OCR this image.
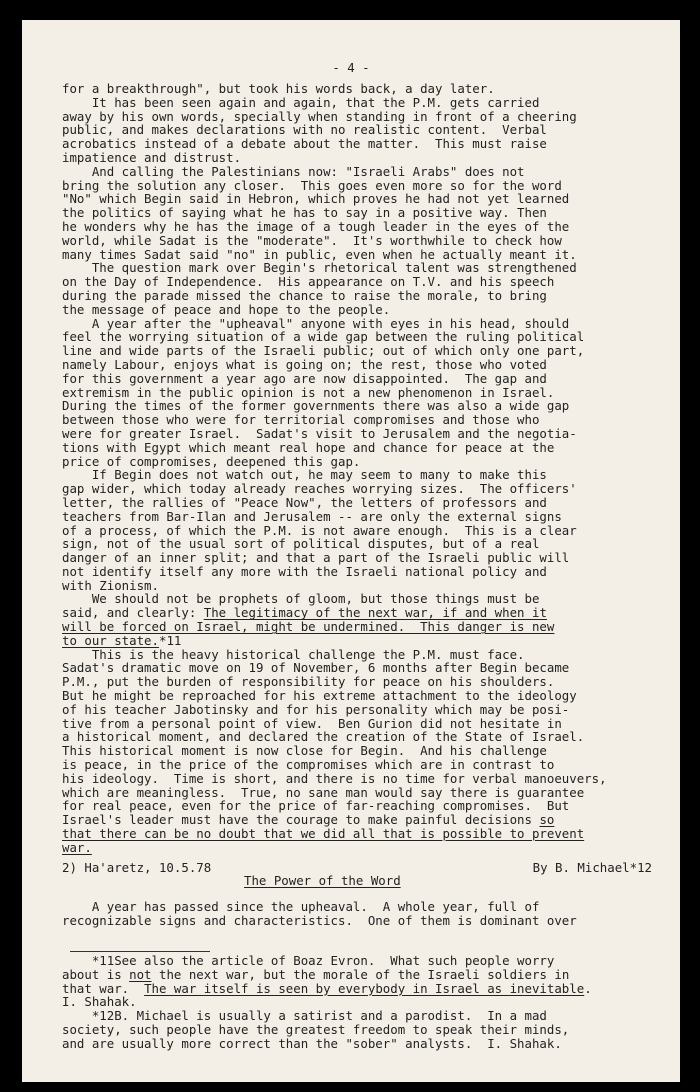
- 4 -
for a breakthrough", but took his words back, a day later.
It has been seen again and again, that the P.M. gets carried
away by his own words, specially when standing in front of a cheering
public, and makes declarations with no realistic content.  Verbal
acrobatics instead of a debate about the matter.  This must raise
impatience and distrust.
And calling the Palestinians now: "Israeli Arabs" does not
bring the solution any closer.  This goes even more so for the word
"No" which Begin said in Hebron, which proves he had not yet learned
the politics of saying what he has to say in a positive way. Then
he wonders why he has the image of a tough leader in the eyes of the
world, while Sadat is the "moderate".  It's worthwhile to check how
many times Sadat said "no" in public, even when he actually meant it.
The question mark over Begin's rhetorical talent was strengthened
on the Day of Independence.  His appearance on T.V. and his speech
during the parade missed the chance to raise the morale, to bring
the message of peace and hope to the people.
A year after the "upheaval" anyone with eyes in his head, should
feel the worrying situation of a wide gap between the ruling political
line and wide parts of the Israeli public; out of which only one part,
namely Labour, enjoys what is going on; the rest, those who voted
for this government a year ago are now disappointed.  The gap and
extremism in the public opinion is not a new phenomenon in Israel.
During the times of the former governments there was also a wide gap
between those who were for territorial compromises and those who
were for greater Israel.  Sadat's visit to Jerusalem and the negotia-
tions with Egypt which meant real hope and chance for peace at the
price of compromises, deepened this gap.
If Begin does not watch out, he may seem to many to make this
gap wider, which today already reaches worrying sizes.  The officers'
letter, the rallies of "Peace Now", the letters of professors and
teachers from Bar-Ilan and Jerusalem -- are only the external signs
of a process, of which the P.M. is not aware enough.  This is a clear
sign, not of the usual sort of political disputes, but of a real
danger of an inner split; and that a part of the Israeli public will
not identify itself any more with the Israeli national policy and
with Zionism.
We should not be prophets of gloom, but those things must be
said, and clearly: The legitimacy of the next war, if and when it
will be forced on Israel, might be undermined.  This danger is new
to our state.*11
This is the heavy historical challenge the P.M. must face.
Sadat's dramatic move on 19 of November, 6 months after Begin became
P.M., put the burden of responsibility for peace on his shoulders.
But he might be reproached for his extreme attachment to the ideology
of his teacher Jabotinsky and for his personality which may be posi-
tive from a personal point of view.  Ben Gurion did not hesitate in
a historical moment, and declared the creation of the State of Israel.
This historical moment is now close for Begin.  And his challenge
is peace, in the price of the compromises which are in contrast to
his ideology.  Time is short, and there is no time for verbal manoeuvers,
which are meaningless.  True, no sane man would say there is guarantee
for real peace, even for the price of far-reaching compromises.  But
Israel's leader must have the courage to make painful decisions so
that there can be no doubt that we did all that is possible to prevent
war.
2) Ha'aretz, 10.5.78	By B. Michael*12
The Power of the Word
A year has passed since the upheaval.  A whole year, full of
recognizable signs and characteristics.  One of them is dominant over
*11See also the article of Boaz Evron.  What such people worry
about is not the next war, but the morale of the Israeli soldiers in
that war.  The war itself is seen by everybody in Israel as inevitable.
I. Shahak.
*12B. Michael is usually a satirist and a parodist.  In a mad
society, such people have the greatest freedom to speak their minds,
and are usually more correct than the "sober" analysts.  I. Shahak.
